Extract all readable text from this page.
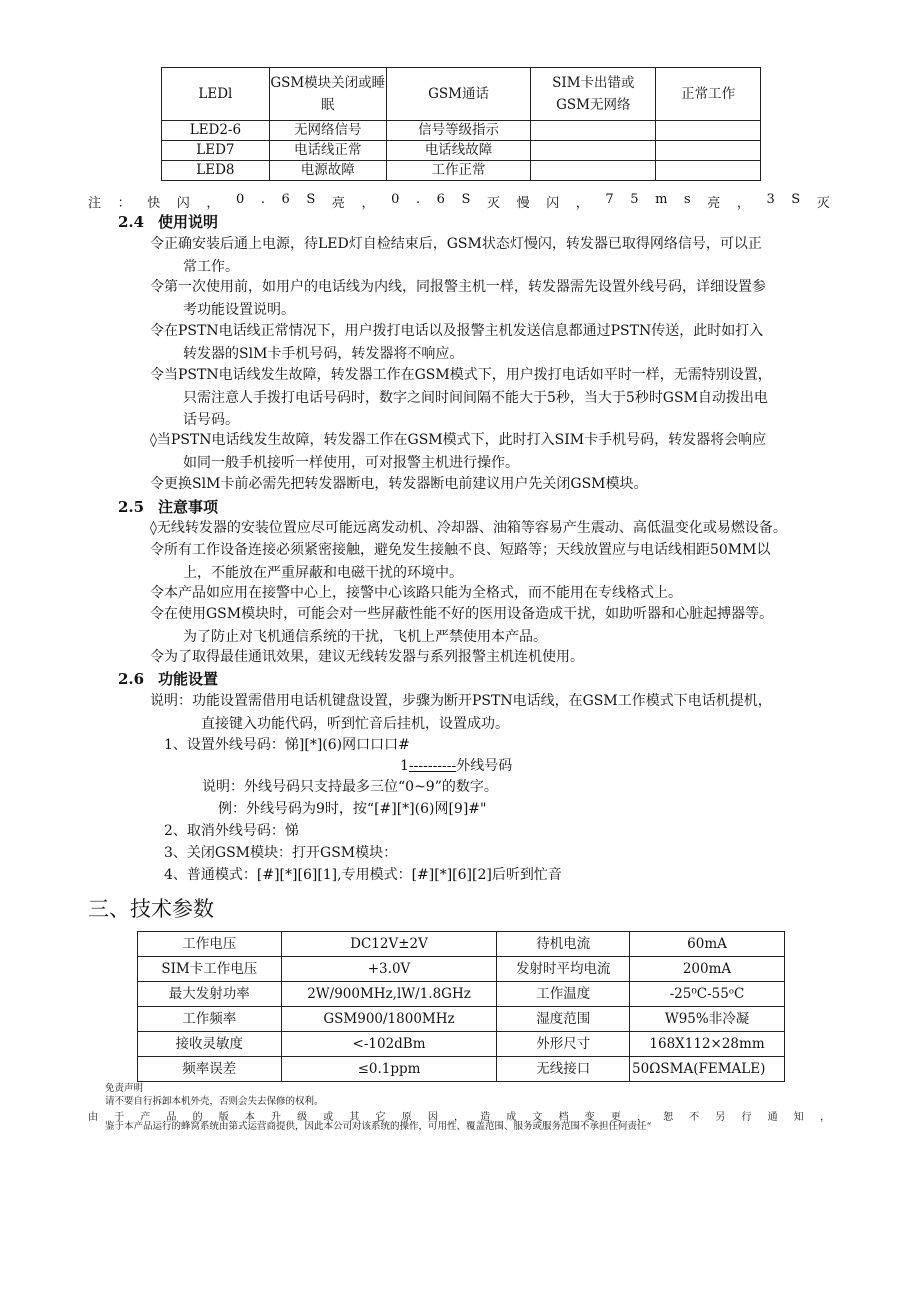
LEDl	GSM模块关闭或睡眠	GSM通话	SIM卡出错或GSM无网络	正常工作
LED2-6	无网络信号	信号等级指示		
LED7	电话线正常	电话线故障		
LED8	电源故障	工作正常		
注 ： 快 闪 ， 0 . 6 S 亮 ， 0 . 6 S 灭 慢 闪 ， 7 5 m s 亮 ， 3 S 灭
2.4 使用说明
令正确安装后通上电源，待LED灯自检结束后，GSM状态灯慢闪，转发器已取得网络信号，可以正
常工作。
令第一次使用前，如用户的电话线为内线，同报警主机一样，转发器需先设置外线号码，详细设置参
考功能设置说明。
令在PSTN电话线正常情况下，用户拨打电话以及报警主机发送信息都通过PSTN传送，此时如打入
转发器的SlM卡手机号码，转发器将不响应。
令当PSTN电话线发生故障，转发器工作在GSM模式下，用户拨打电话如平时一样，无需特别设置，
只需注意人手拨打电话号码时，数字之间时间间隔不能大于5秒，当大于5秒时GSM自动拨出电
话号码。
◊当PSTN电话线发生故障，转发器工作在GSM模式下，此时打入SIM卡手机号码，转发器将会响应
如同一般手机接听一样使用，可对报警主机进行操作。
令更换SlM卡前必需先把转发器断电，转发器断电前建议用户先关闭GSM模块。
2.5 注意事项
◊无线转发器的安装位置应尽可能远离发动机、冷却器、油箱等容易产生震动、高低温变化或易燃设备。
令所有工作设备连接必须紧密接触，避免发生接触不良、短路等；天线放置应与电话线相距50MM以
上，不能放在严重屏蔽和电磁干扰的环境中。
令本产品如应用在接警中心上，接警中心该路只能为全格式，而不能用在专线格式上。
令在使用GSM模块时，可能会对一些屏蔽性能不好的医用设备造成干扰，如助听器和心脏起搏器等。
为了防止对飞机通信系统的干扰，飞机上严禁使用本产品。
令为了取得最佳通讯效果，建议无线转发器与系列报警主机连机使用。
2.6 功能设置
说明：功能设置需借用电话机键盘设置，步骤为断开PSTN电话线，在GSM工作模式下电话机提机，
直接键入功能代码，听到忙音后挂机，设置成功。
1、设置外线号码：悌][*](6)网口口口#
1----------外线号码
说明：外线号码只支持最多三位“0~9”的数字。
例：外线号码为9时，按“[#][*](6)网[9]#"
2、取消外线号码：悌
3、关闭GSM模块：打开GSM模块：
4、普通模式：[#][*][6][1],专用模式：[#][*][6][2]后听到忙音
三、技术参数
工作电压	DC12V±2V	待机电流	60mA
SIM卡工作电压	+3.0V	发射时平均电流	200mA
最大发射功率	2W/900MHz,lW/1.8GHz	工作温度	-25⁰C-55ᵒC
工作频率	GSM900/1800MHz	湿度范围	W95%非冷凝
接收灵敏度	<-102dBm	外形尺寸	168X112×28mm
频率误差	≤0.1ppm	无线接口	50ΩSMA(FEMALE)
免责声明
请不要自行拆卸本机外壳，否则会失去保修的权利。
由 于 产 品 的 版 本 升 级 或 其 它 原 因 ， 造 成 文 档 变 更 ， 恕 不 另 行 通 知 ，
鉴于本产品运行的蜂窝系统由第式运营商提供，因此本公司对该系统的操作，可用性、覆盖范围、服务或服务范围不承担任何责任“
